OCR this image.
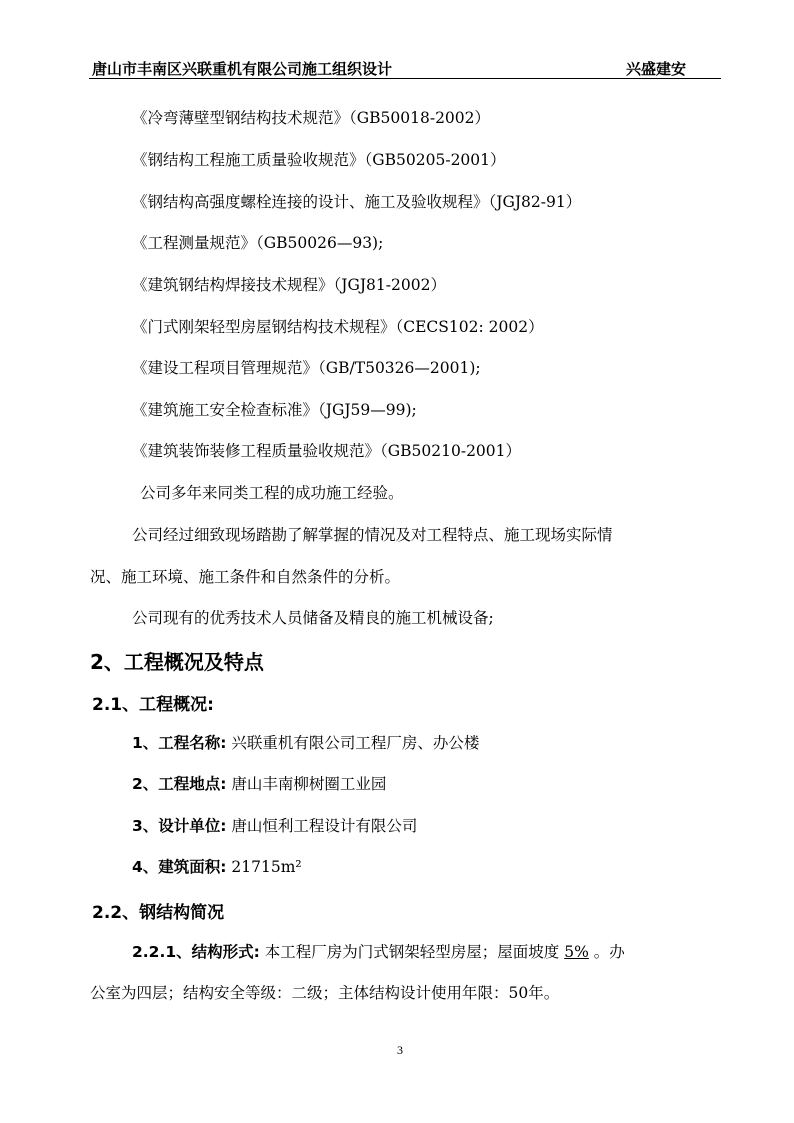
唐山市丰南区兴联重机有限公司施工组织设计	兴盛建安
《冷弯薄壁型钢结构技术规范》（GB50018-2002）
《钢结构工程施工质量验收规范》（GB50205-2001）
《钢结构高强度螺栓连接的设计、施工及验收规程》（JGJ82-91）
《工程测量规范》（GB50026—93);
《建筑钢结构焊接技术规程》（JGJ81-2002）
《门式刚架轻型房屋钢结构技术规程》（CECS102: 2002）
《建设工程项目管理规范》（GB/T50326—2001);
《建筑施工安全检查标准》（JGJ59—99);
《建筑装饰装修工程质量验收规范》（GB50210-2001）
公司多年来同类工程的成功施工经验。
公司经过细致现场踏勘了解掌握的情况及对工程特点、施工现场实际情
况、施工环境、施工条件和自然条件的分析。
公司现有的优秀技术人员储备及精良的施工机械设备;
2、工程概况及特点
2.1、工程概况:
1、工程名称: 兴联重机有限公司工程厂房、办公楼
2、工程地点: 唐山丰南柳树圈工业园
3、设计单位: 唐山恒利工程设计有限公司
4、建筑面积: 21715m²
2.2、钢结构简况
2.2.1、结构形式: 本工程厂房为门式钢架轻型房屋；屋面坡度 5% 。办
公室为四层；结构安全等级：二级；主体结构设计使用年限：50年。
3
